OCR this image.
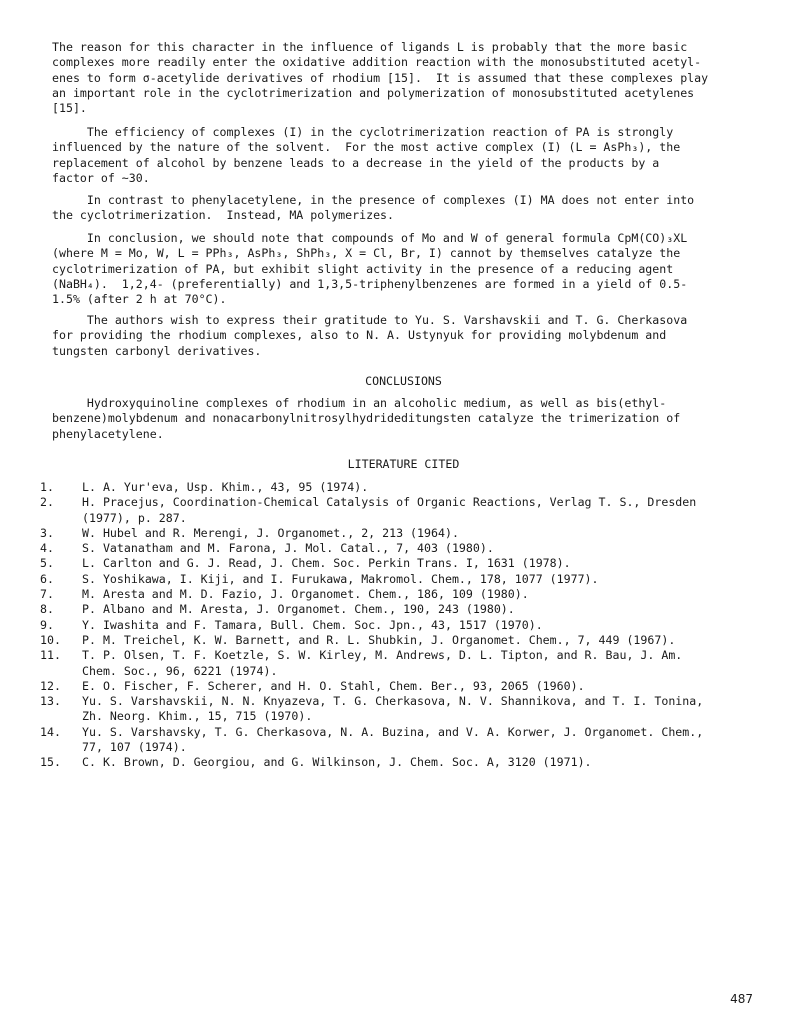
The reason for this character in the influence of ligands L is probably that the more basic
complexes more readily enter the oxidative addition reaction with the monosubstituted acetyl-
enes to form σ-acetylide derivatives of rhodium [15].  It is assumed that these complexes play
an important role in the cyclotrimerization and polymerization of monosubstituted acetylenes
[15].
The efficiency of complexes (I) in the cyclotrimerization reaction of PA is strongly
influenced by the nature of the solvent.  For the most active complex (I) (L = AsPh₃), the
replacement of alcohol by benzene leads to a decrease in the yield of the products by a
factor of ~30.
In contrast to phenylacetylene, in the presence of complexes (I) MA does not enter into
the cyclotrimerization.  Instead, MA polymerizes.
In conclusion, we should note that compounds of Mo and W of general formula CpM(CO)₃XL
(where M = Mo, W, L = PPh₃, AsPh₃, ShPh₃, X = Cl, Br, I) cannot by themselves catalyze the
cyclotrimerization of PA, but exhibit slight activity in the presence of a reducing agent
(NaBH₄).  1,2,4- (preferentially) and 1,3,5-triphenylbenzenes are formed in a yield of 0.5-
1.5% (after 2 h at 70°C).
The authors wish to express their gratitude to Yu. S. Varshavskii and T. G. Cherkasova
for providing the rhodium complexes, also to N. A. Ustynyuk for providing molybdenum and
tungsten carbonyl derivatives.
CONCLUSIONS
Hydroxyquinoline complexes of rhodium in an alcoholic medium, as well as bis(ethyl-
benzene)molybdenum and nonacarbonylnitrosylhydrideditungsten catalyze the trimerization of
phenylacetylene.
LITERATURE CITED
1.	L. A. Yur'eva, Usp. Khim., 43, 95 (1974).
2.	H. Pracejus, Coordination-Chemical Catalysis of Organic Reactions, Verlag T. S., Dresden
(1977), p. 287.
3.	W. Hubel and R. Merengi, J. Organomet., 2, 213 (1964).
4.	S. Vatanatham and M. Farona, J. Mol. Catal., 7, 403 (1980).
5.	L. Carlton and G. J. Read, J. Chem. Soc. Perkin Trans. I, 1631 (1978).
6.	S. Yoshikawa, I. Kiji, and I. Furukawa, Makromol. Chem., 178, 1077 (1977).
7.	M. Aresta and M. D. Fazio, J. Organomet. Chem., 186, 109 (1980).
8.	P. Albano and M. Aresta, J. Organomet. Chem., 190, 243 (1980).
9.	Y. Iwashita and F. Tamara, Bull. Chem. Soc. Jpn., 43, 1517 (1970).
10.	P. M. Treichel, K. W. Barnett, and R. L. Shubkin, J. Organomet. Chem., 7, 449 (1967).
11.	T. P. Olsen, T. F. Koetzle, S. W. Kirley, M. Andrews, D. L. Tipton, and R. Bau, J. Am.
Chem. Soc., 96, 6221 (1974).
12.	E. O. Fischer, F. Scherer, and H. O. Stahl, Chem. Ber., 93, 2065 (1960).
13.	Yu. S. Varshavskii, N. N. Knyazeva, T. G. Cherkasova, N. V. Shannikova, and T. I. Tonina,
Zh. Neorg. Khim., 15, 715 (1970).
14.	Yu. S. Varshavsky, T. G. Cherkasova, N. A. Buzina, and V. A. Korwer, J. Organomet. Chem.,
77, 107 (1974).
15.	C. K. Brown, D. Georgiou, and G. Wilkinson, J. Chem. Soc. A, 3120 (1971).
487
